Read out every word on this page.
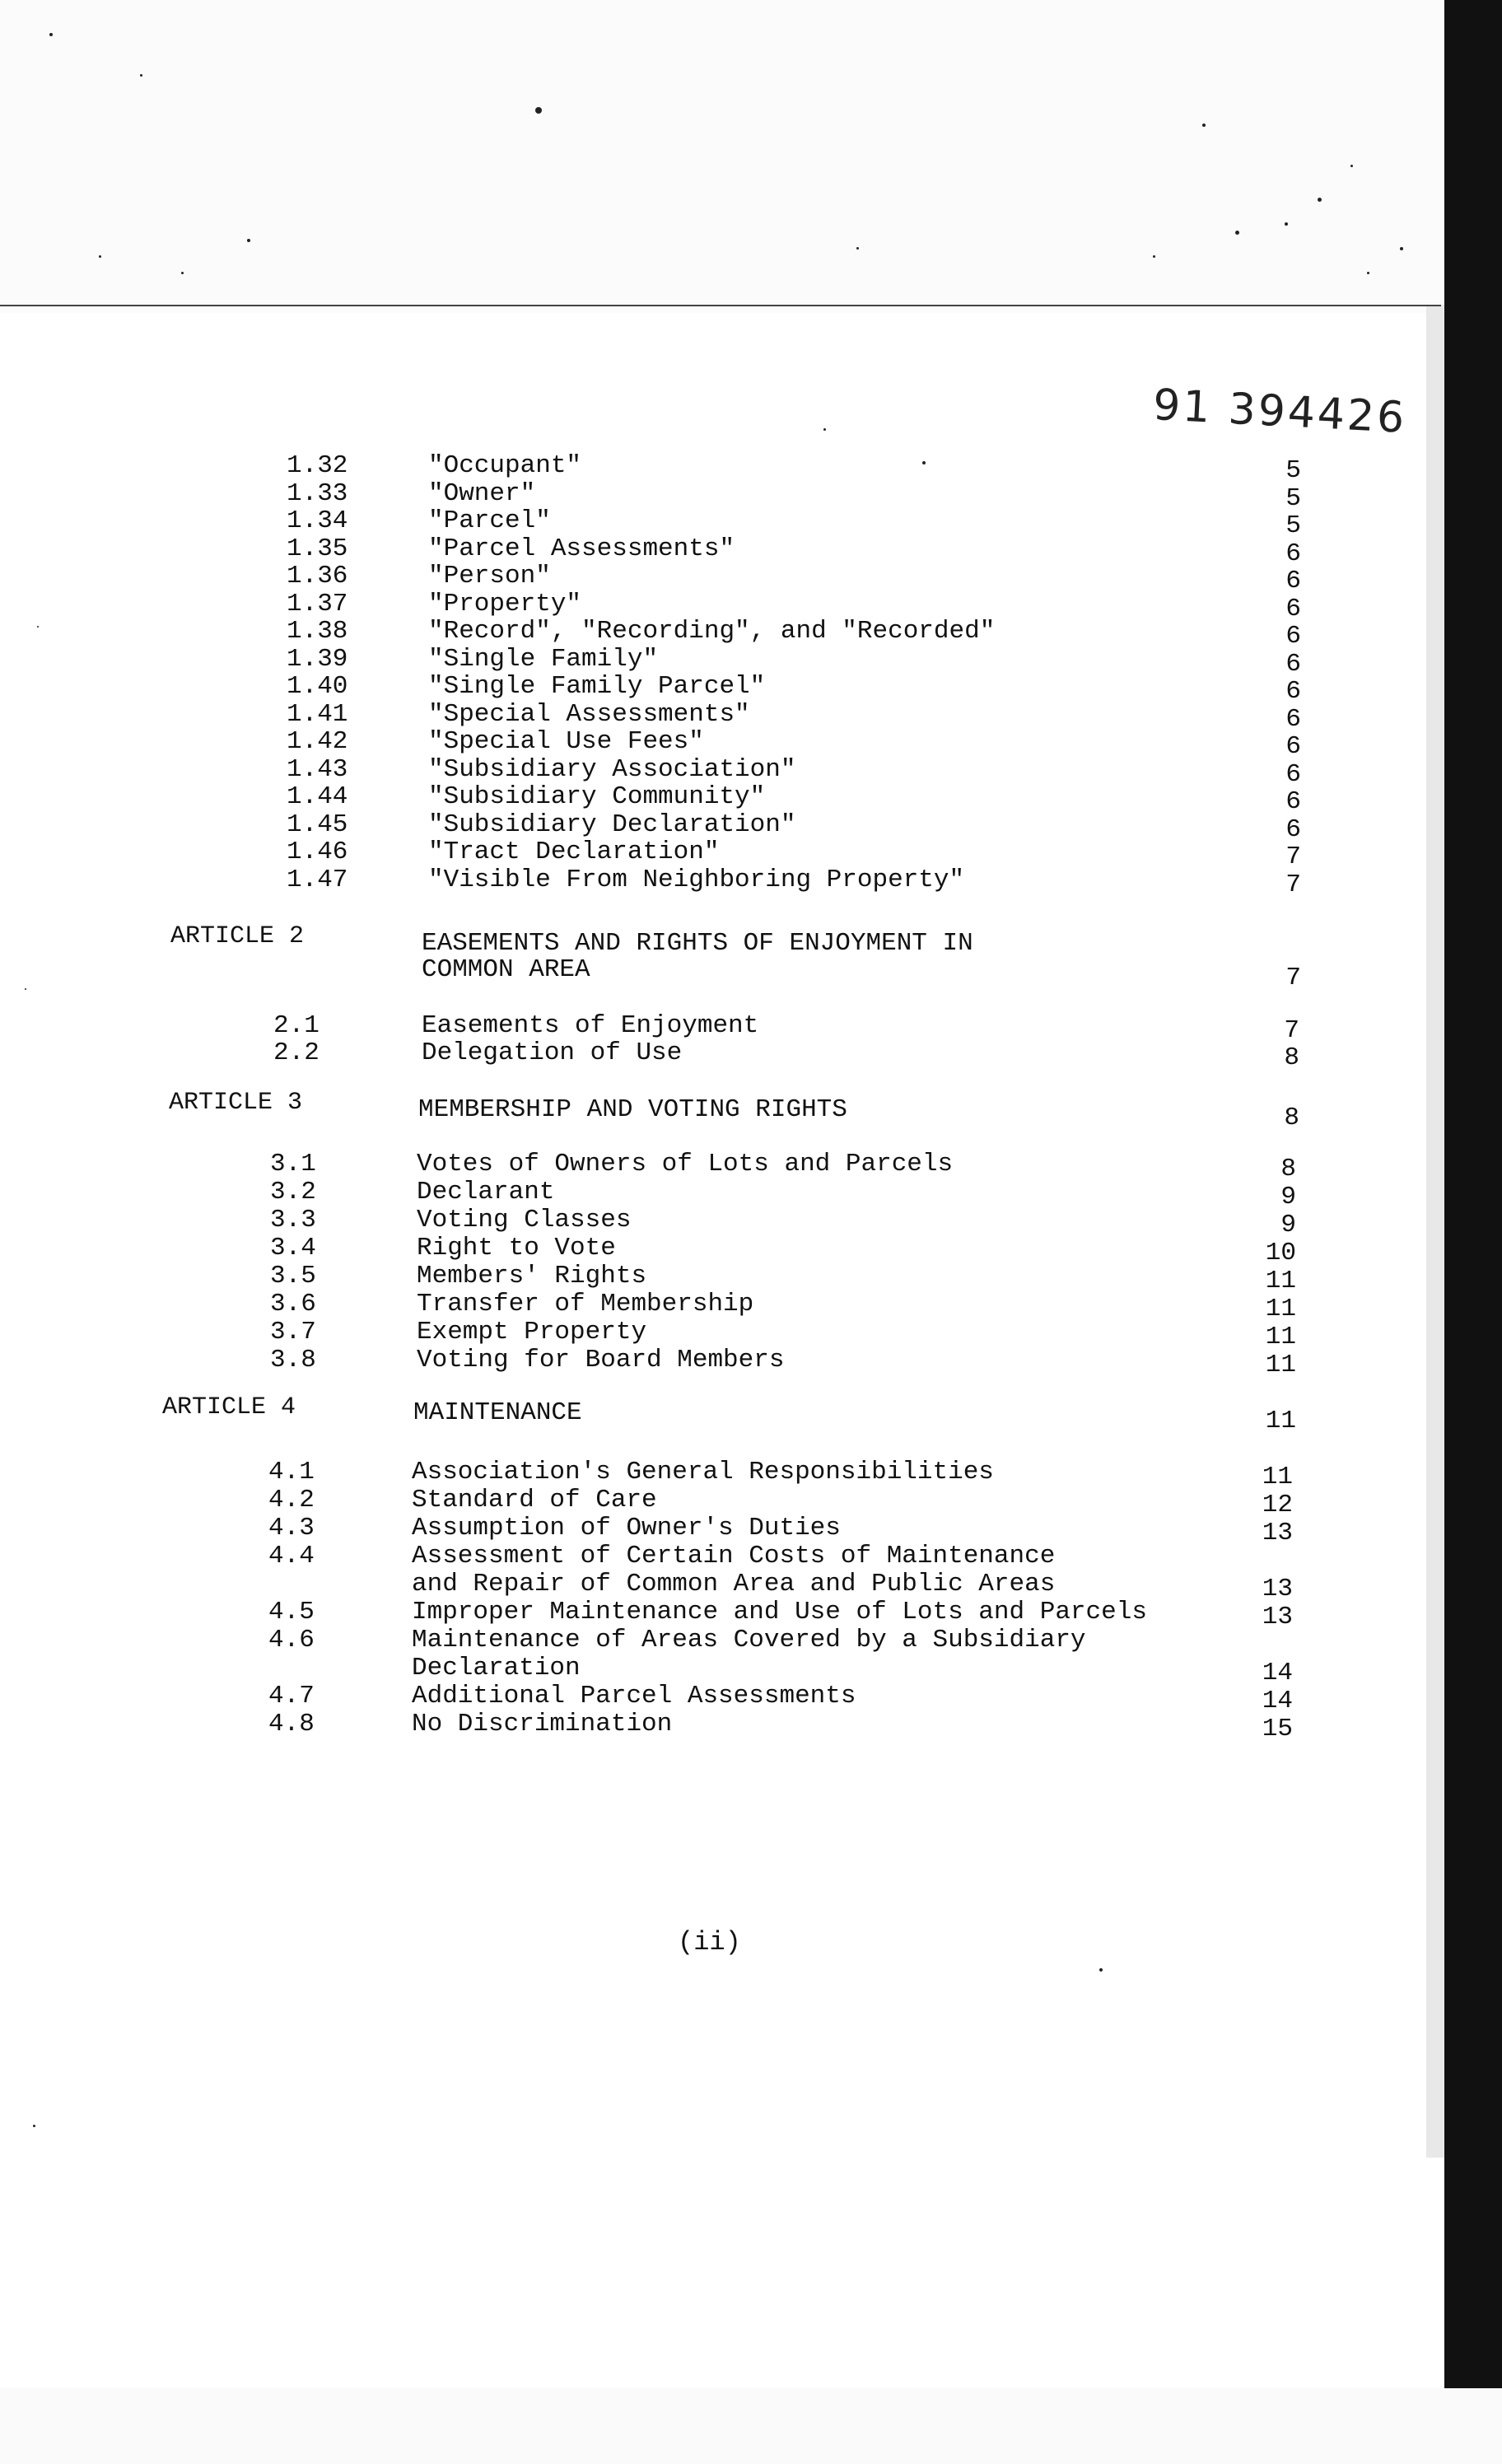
91 394426
1.32	"Occupant"	5
1.33	"Owner"	5
1.34	"Parcel"	5
1.35	"Parcel Assessments"	6
1.36	"Person"	6
1.37	"Property"	6
1.38	"Record", "Recording", and "Recorded"	6
1.39	"Single Family"	6
1.40	"Single Family Parcel"	6
1.41	"Special Assessments"	6
1.42	"Special Use Fees"	6
1.43	"Subsidiary Association"	6
1.44	"Subsidiary Community"	6
1.45	"Subsidiary Declaration"	6
1.46	"Tract Declaration"	7
1.47	"Visible From Neighboring Property"	7
ARTICLE 2	EASEMENTS AND RIGHTS OF ENJOYMENT IN
COMMON AREA	7
2.1	Easements of Enjoyment	7
2.2	Delegation of Use	8
ARTICLE 3	MEMBERSHIP AND VOTING RIGHTS	8
3.1	Votes of Owners of Lots and Parcels	8
3.2	Declarant	9
3.3	Voting Classes	9
3.4	Right to Vote	10
3.5	Members' Rights	11
3.6	Transfer of Membership	11
3.7	Exempt Property	11
3.8	Voting for Board Members	11
ARTICLE 4	MAINTENANCE	11
4.1	Association's General Responsibilities	11
4.2	Standard of Care	12
4.3	Assumption of Owner's Duties	13
4.4	Assessment of Certain Costs of Maintenance
and Repair of Common Area and Public Areas	13
4.5	Improper Maintenance and Use of Lots and Parcels	13
4.6	Maintenance of Areas Covered by a Subsidiary
Declaration	14
4.7	Additional Parcel Assessments	14
4.8	No Discrimination	15
(ii)
